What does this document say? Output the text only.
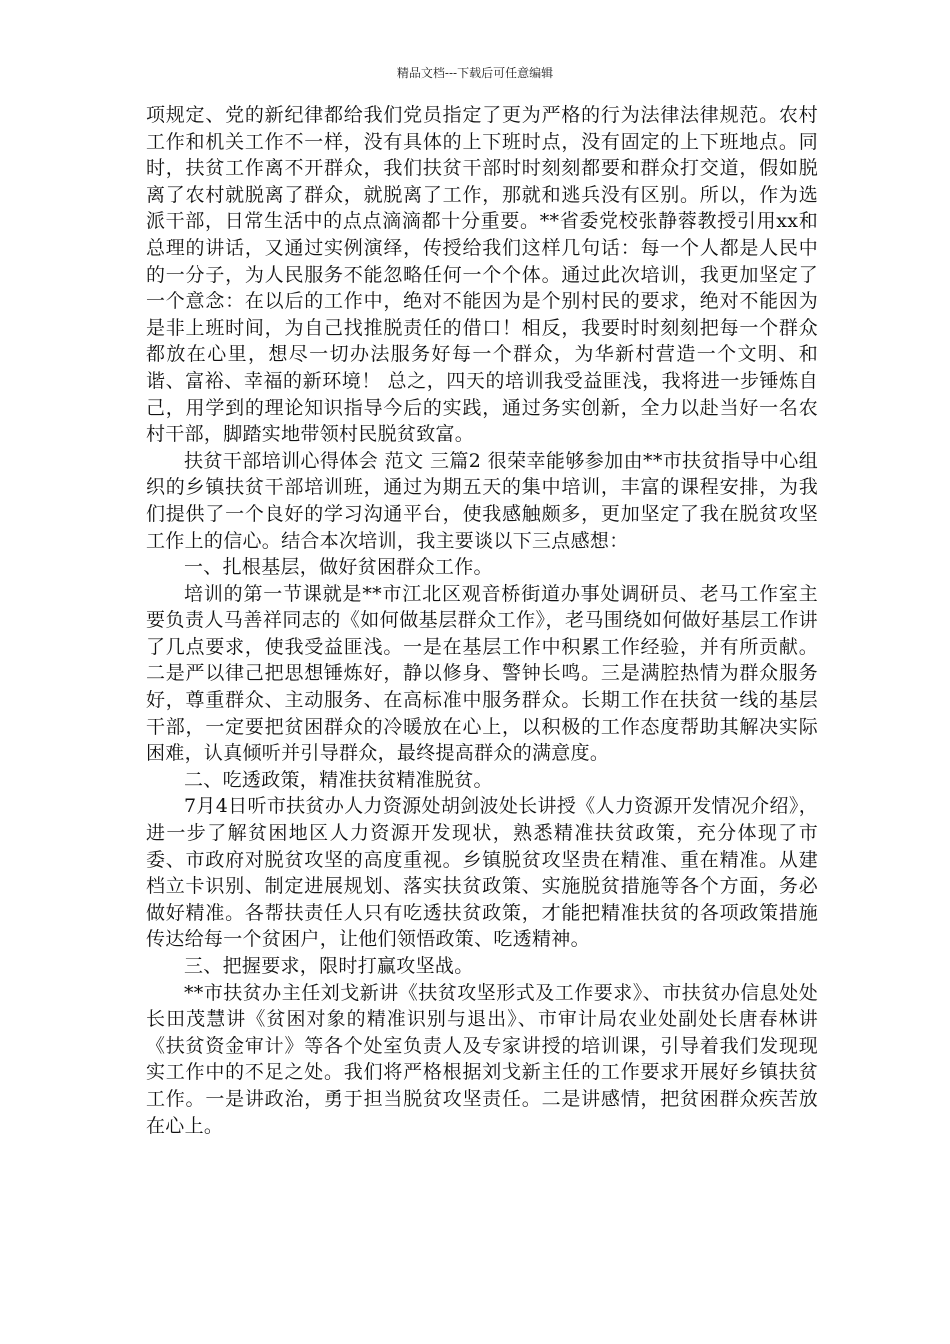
精品文档---下载后可任意编辑

项规定、党的新纪律都给我们党员指定了更为严格的行为法律法律规范。农村工作和机关工作不一样，没有具体的上下班时点，没有固定的上下班地点。同时，扶贫工作离不开群众，我们扶贫干部时时刻刻都要和群众打交道，假如脱离了农村就脱离了群众，就脱离了工作，那就和逃兵没有区别。所以，作为选派干部，日常生活中的点点滴滴都十分重要。**省委党校张静蓉教授引用xx和总理的讲话，又通过实例演绎，传授给我们这样几句话：每一个人都是人民中的一分子，为人民服务不能忽略任何一个个体。通过此次培训，我更加坚定了一个意念：在以后的工作中，绝对不能因为是个别村民的要求，绝对不能因为是非上班时间，为自己找推脱责任的借口！相反，我要时时刻刻把每一个群众都放在心里，想尽一切办法服务好每一个群众，为华新村营造一个文明、和谐、富裕、幸福的新环境！ 总之，四天的培训我受益匪浅，我将进一步锤炼自己，用学到的理论知识指导今后的实践，通过务实创新，全力以赴当好一名农村干部，脚踏实地带领村民脱贫致富。

扶贫干部培训心得体会 范文 三篇2 很荣幸能够参加由**市扶贫指导中心组织的乡镇扶贫干部培训班，通过为期五天的集中培训，丰富的课程安排，为我们提供了一个良好的学习沟通平台，使我感触颇多，更加坚定了我在脱贫攻坚工作上的信心。结合本次培训，我主要谈以下三点感想：

一、扎根基层，做好贫困群众工作。

培训的第一节课就是**市江北区观音桥街道办事处调研员、老马工作室主要负责人马善祥同志的《如何做基层群众工作》，老马围绕如何做好基层工作讲了几点要求，使我受益匪浅。一是在基层工作中积累工作经验，并有所贡献。二是严以律己把思想锤炼好，静以修身、警钟长鸣。三是满腔热情为群众服务好，尊重群众、主动服务、在高标准中服务群众。长期工作在扶贫一线的基层干部，一定要把贫困群众的冷暖放在心上，以积极的工作态度帮助其解决实际困难，认真倾听并引导群众，最终提高群众的满意度。

二、吃透政策，精准扶贫精准脱贫。

7月4日听市扶贫办人力资源处胡剑波处长讲授《人力资源开发情况介绍》，进一步了解贫困地区人力资源开发现状，熟悉精准扶贫政策，充分体现了市委、市政府对脱贫攻坚的高度重视。乡镇脱贫攻坚贵在精准、重在精准。从建档立卡识别、制定进展规划、落实扶贫政策、实施脱贫措施等各个方面，务必做好精准。各帮扶责任人只有吃透扶贫政策，才能把精准扶贫的各项政策措施传达给每一个贫困户，让他们领悟政策、吃透精神。

三、把握要求，限时打赢攻坚战。

**市扶贫办主任刘戈新讲《扶贫攻坚形式及工作要求》、市扶贫办信息处处长田茂慧讲《贫困对象的精准识别与退出》、市审计局农业处副处长唐春林讲《扶贫资金审计》等各个处室负责人及专家讲授的培训课，引导着我们发现现实工作中的不足之处。我们将严格根据刘戈新主任的工作要求开展好乡镇扶贫工作。一是讲政治，勇于担当脱贫攻坚责任。二是讲感情，把贫困群众疾苦放在心上。
